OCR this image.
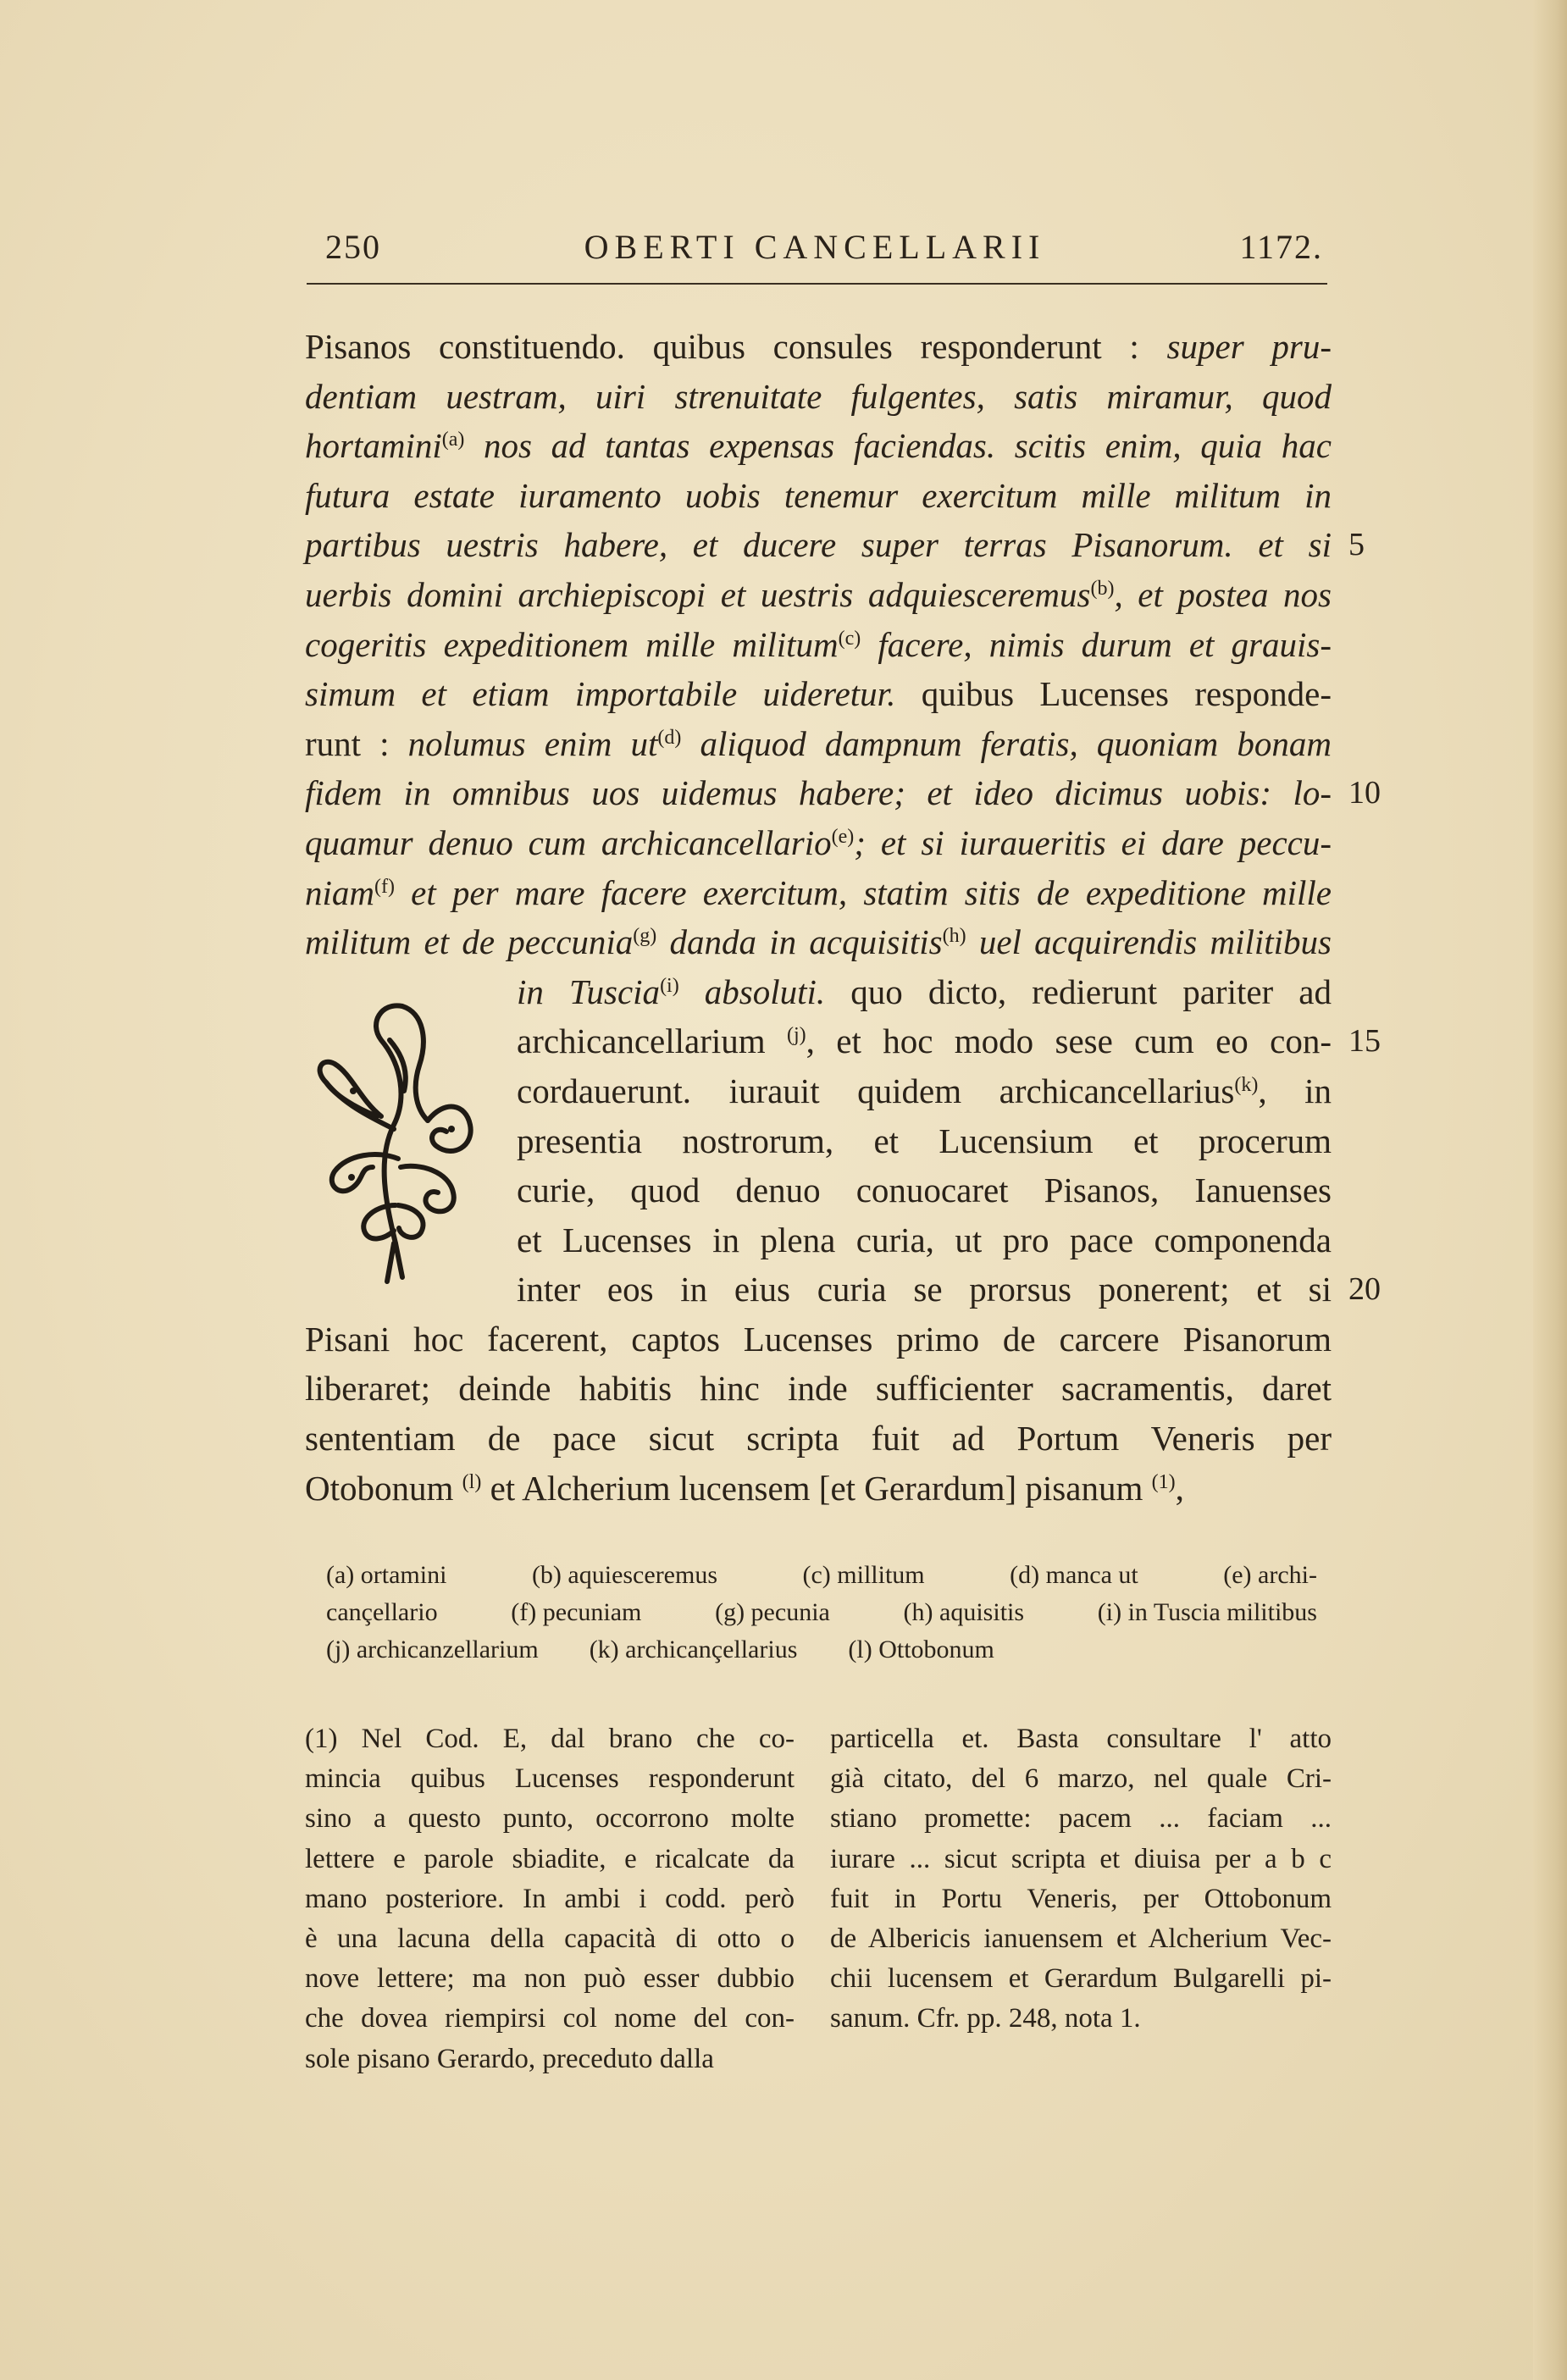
250	OBERTI CANCELLARII	1172.
Pisanos constituendo. quibus consules responderunt : super pru-
dentiam uestram, uiri strenuitate fulgentes, satis miramur, quod
hortamini$^{(a)}$ nos ad tantas expensas faciendas. scitis enim, quia hac
futura estate iuramento uobis tenemur exercitum mille militum in
partibus uestris habere, et ducere super terras Pisanorum. et si 5
uerbis domini archiepiscopi et uestris adquiesceremus$^{(b)}$, et postea nos
cogeritis expeditionem mille militum$^{(c)}$ facere, nimis durum et grauis-
simum et etiam importabile uideretur. quibus Lucenses responde-
runt : nolumus enim $ut^{(d)}$ aliquod dampnum feratis, quoniam bonam
fidem in omnibus uos uidemus habere; et ideo dicimus uobis: lo- 10
quamur denuo cum archicancellario$^{(e)}$; et si iuraueritis ei dare peccu-
niam$^{(f)}$ et per mare facere exercitum, statim sitis de expeditione mille
militum et de peccunia$^{(g)}$ danda in acquisitis$^{(h)}$ uel acquirendis militibus
in Tuscia$^{(i)}$ absoluti. quo dicto, redierunt pariter ad
archicancellarium $^{(j)}$, et hoc modo sese cum eo con- 15
cordauerunt. iurauit quidem archicancellarius$^{(k)}$, in
presentia nostrorum, et Lucensium et procerum
curie, quod denuo conuocaret Pisanos, Ianuenses
et Lucenses in plena curia, ut pro pace componenda
inter eos in eius curia se prorsus ponerent; et si 20
Pisani hoc facerent, captos Lucenses primo de carcere Pisanorum
liberaret; deinde habitis hinc inde sufficienter sacramentis, daret
sententiam de pace sicut scripta fuit ad Portum Veneris per
Otobonum $^{(l)}$ et Alcherium lucensem [et Gerardum] pisanum $^{(1)}$,
(a) ortamini	(b) aquiesceremus	(c) millitum	(d) manca ut	(e) archi-
cançellario	(f) pecuniam	(g) pecunia	(h) aquisitis	(i) in Tuscia militibus
(j) archicanzellarium (k) archicançellarius (l) Ottobonum
(1) Nel Cod. E, dal brano che co-
mincia quibus Lucenses responderunt
sino a questo punto, occorrono molte
lettere e parole sbiadite, e ricalcate da
mano posteriore. In ambi i codd. però
è una lacuna della capacità di otto o
nove lettere; ma non può esser dubbio
che dovea riempirsi col nome del con-
sole pisano Gerardo, preceduto dalla
particella et. Basta consultare l' atto
già citato, del 6 marzo, nel quale Cri-
stiano promette: pacem ... faciam ...
iurare ... sicut scripta et diuisa per a b c
fuit in Portu Veneris, per Ottobonum
de Albericis ianuensem et Alcherium Vec-
chii lucensem et Gerardum Bulgarelli pi-
sanum. Cfr. pp. 248, nota 1.
